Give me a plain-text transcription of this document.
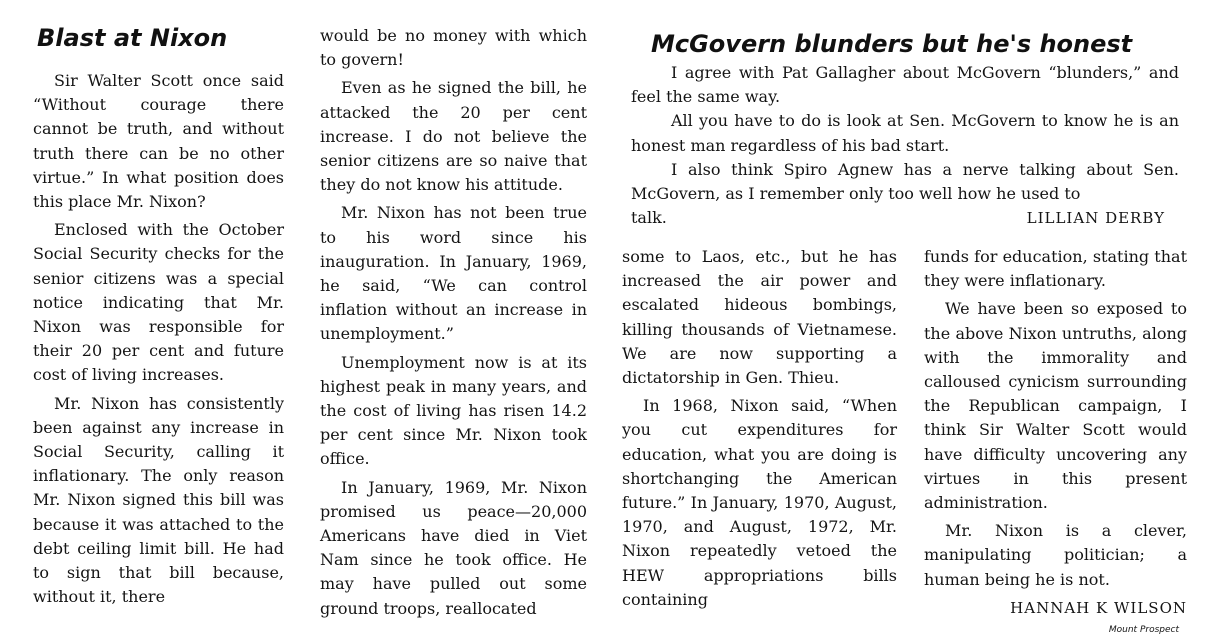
Blast at Nixon

Sir Walter Scott once said “Without courage there cannot be truth, and without truth there can be no other virtue.” In what position does this place Mr. Nixon?

Enclosed with the October Social Security checks for the senior citizens was a special notice indicating that Mr. Nixon was responsible for their 20 per cent and future cost of living increases.

Mr. Nixon has consistently been against any increase in Social Security, calling it inflationary. The only reason Mr. Nixon signed this bill was because it was attached to the debt ceiling limit bill. He had to sign that bill because, without it, there

would be no money with which to govern!

Even as he signed the bill, he attacked the 20 per cent increase. I do not believe the senior citizens are so naive that they do not know his attitude.

Mr. Nixon has not been true to his word since his inauguration. In January, 1969, he said, “We can control inflation without an increase in unemployment.”

Unemployment now is at its highest peak in many years, and the cost of living has risen 14.2 per cent since Mr. Nixon took office.

In January, 1969, Mr. Nixon promised us peace—20,000 Americans have died in Viet Nam since he took office. He may have pulled out some ground troops, reallocated

McGovern blunders but he's honest

I agree with Pat Gallagher about McGovern “blunders,” and feel the same way.

All you have to do is look at Sen. McGovern to know he is an honest man regardless of his bad start.

I also think Spiro Agnew has a nerve talking about Sen. McGovern, as I remember only too well how he used to

talk.	LILLIAN DERBY

some to Laos, etc., but he has increased the air power and escalated hideous bombings, killing thousands of Vietnamese. We are now supporting a dictatorship in Gen. Thieu.

In 1968, Nixon said, “When you cut expenditures for education, what you are doing is shortchanging the American future.” In January, 1970, August, 1970, and August, 1972, Mr. Nixon repeatedly vetoed the HEW appropriations bills containing

funds for education, stating that they were inflationary.

We have been so exposed to the above Nixon untruths, along with the immorality and calloused cynicism surrounding the Republican campaign, I think Sir Walter Scott would have difficulty uncovering any virtues in this present administration.

Mr. Nixon is a clever, manipulating politician; a human being he is not.

HANNAH K WILSON
Mount Prospect
